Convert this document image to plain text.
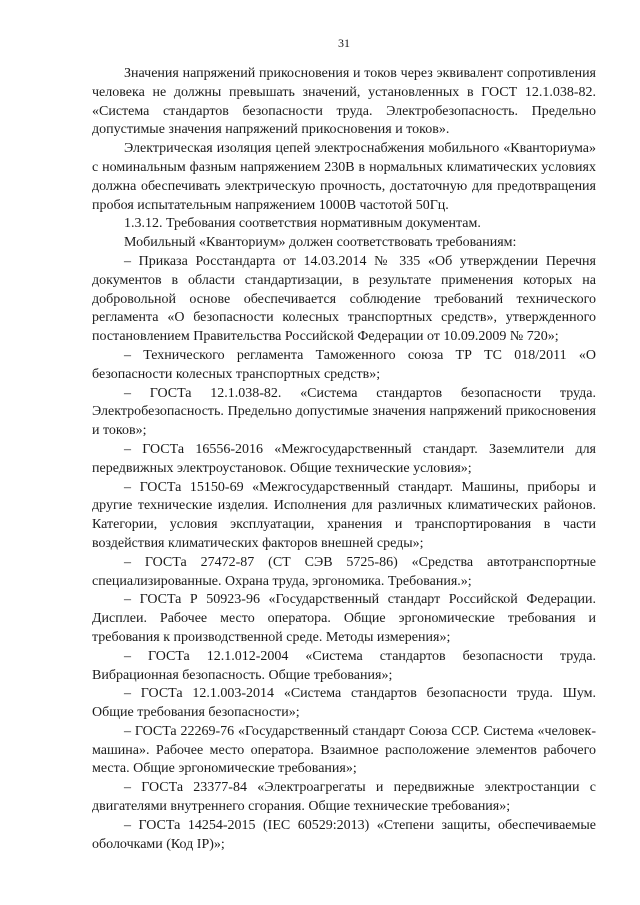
31

Значения напряжений прикосновения и токов через эквивалент сопротивления человека не должны превышать значений, установленных в ГОСТ 12.1.038-82. «Система стандартов безопасности труда. Электробезопасность. Предельно допустимые значения напряжений прикосновения и токов».

Электрическая изоляция цепей электроснабжения мобильного «Кванториума» с номинальным фазным напряжением 230В в нормальных климатических условиях должна обеспечивать электрическую прочность, достаточную для предотвращения пробоя испытательным напряжением 1000В частотой 50Гц.

1.3.12. Требования соответствия нормативным документам.

Мобильный «Кванториум» должен соответствовать требованиям:

– Приказа Росстандарта от 14.03.2014 № 335 «Об утверждении Перечня документов в области стандартизации, в результате применения которых на добровольной основе обеспечивается соблюдение требований технического регламента «О безопасности колесных транспортных средств», утвержденного постановлением Правительства Российской Федерации от 10.09.2009 № 720»;

– Технического регламента Таможенного союза ТР ТС 018/2011 «О безопасности колесных транспортных средств»;

– ГОСТа 12.1.038-82. «Система стандартов безопасности труда. Электробезопасность. Предельно допустимые значения напряжений прикосновения и токов»;

– ГОСТа 16556-2016 «Межгосударственный стандарт. Заземлители для передвижных электроустановок. Общие технические условия»;

– ГОСТа 15150-69 «Межгосударственный стандарт. Машины, приборы и другие технические изделия. Исполнения для различных климатических районов. Категории, условия эксплуатации, хранения и транспортирования в части воздействия климатических факторов внешней среды»;

– ГОСТа 27472-87 (СТ СЭВ 5725-86) «Средства автотранспортные специализированные. Охрана труда, эргономика. Требования.»;

– ГОСТа Р 50923-96 «Государственный стандарт Российской Федерации. Дисплеи. Рабочее место оператора. Общие эргономические требования и требования к производственной среде. Методы измерения»;

– ГОСТа 12.1.012-2004 «Система стандартов безопасности труда. Вибрационная безопасность. Общие требования»;

– ГОСТа 12.1.003-2014 «Система стандартов безопасности труда. Шум. Общие требования безопасности»;

– ГОСТа 22269-76 «Государственный стандарт Союза ССР. Система «человек-машина». Рабочее место оператора. Взаимное расположение элементов рабочего места. Общие эргономические требования»;

– ГОСТа 23377-84 «Электроагрегаты и передвижные электростанции с двигателями внутреннего сгорания. Общие технические требования»;

– ГОСТа 14254-2015 (IEC 60529:2013) «Степени защиты, обеспечиваемые оболочками (Код IP)»;
